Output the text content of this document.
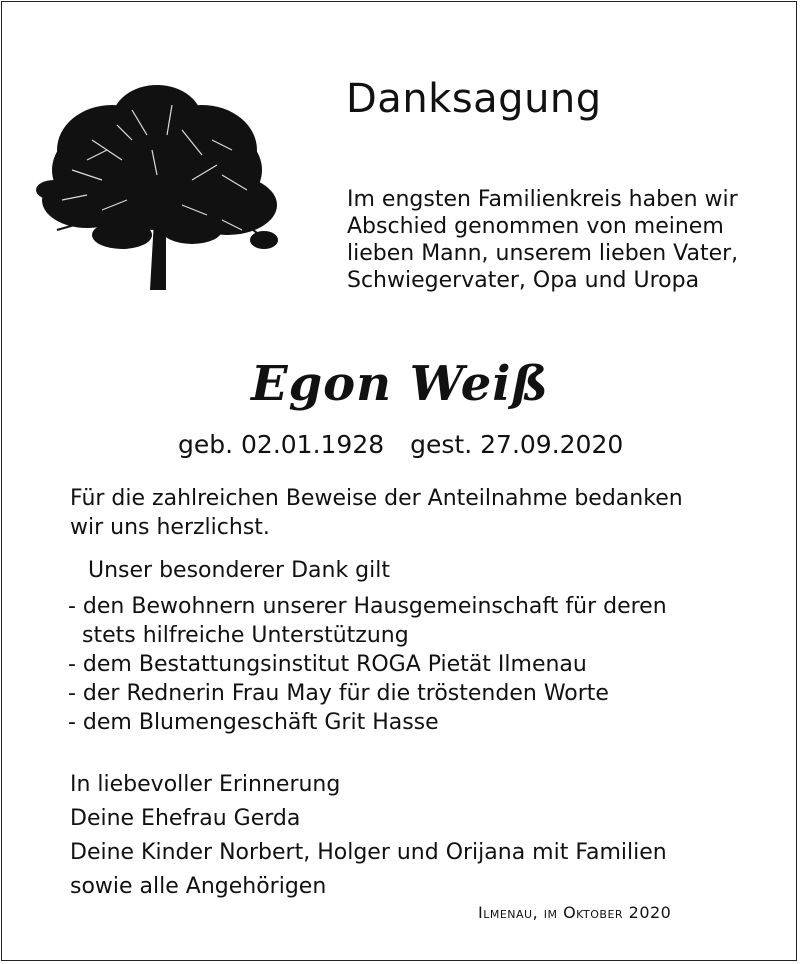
Danksagung
Im engsten Familienkreis haben wir
Abschied genommen von meinem
lieben Mann, unserem lieben Vater,
Schwiegervater, Opa und Uropa
Egon Weiß
geb. 02.01.1928 gest. 27.09.2020
Für die zahlreichen Beweise der Anteilnahme bedanken
wir uns herzlichst.
Unser besonderer Dank gilt
- den Bewohnern unserer Hausgemeinschaft für deren
stets hilfreiche Unterstützung
- dem Bestattungsinstitut ROGA Pietät Ilmenau
- der Rednerin Frau May für die tröstenden Worte
- dem Blumengeschäft Grit Hasse
In liebevoller Erinnerung
Deine Ehefrau Gerda
Deine Kinder Norbert, Holger und Orijana mit Familien
sowie alle Angehörigen
Ilmenau, im Oktober 2020
